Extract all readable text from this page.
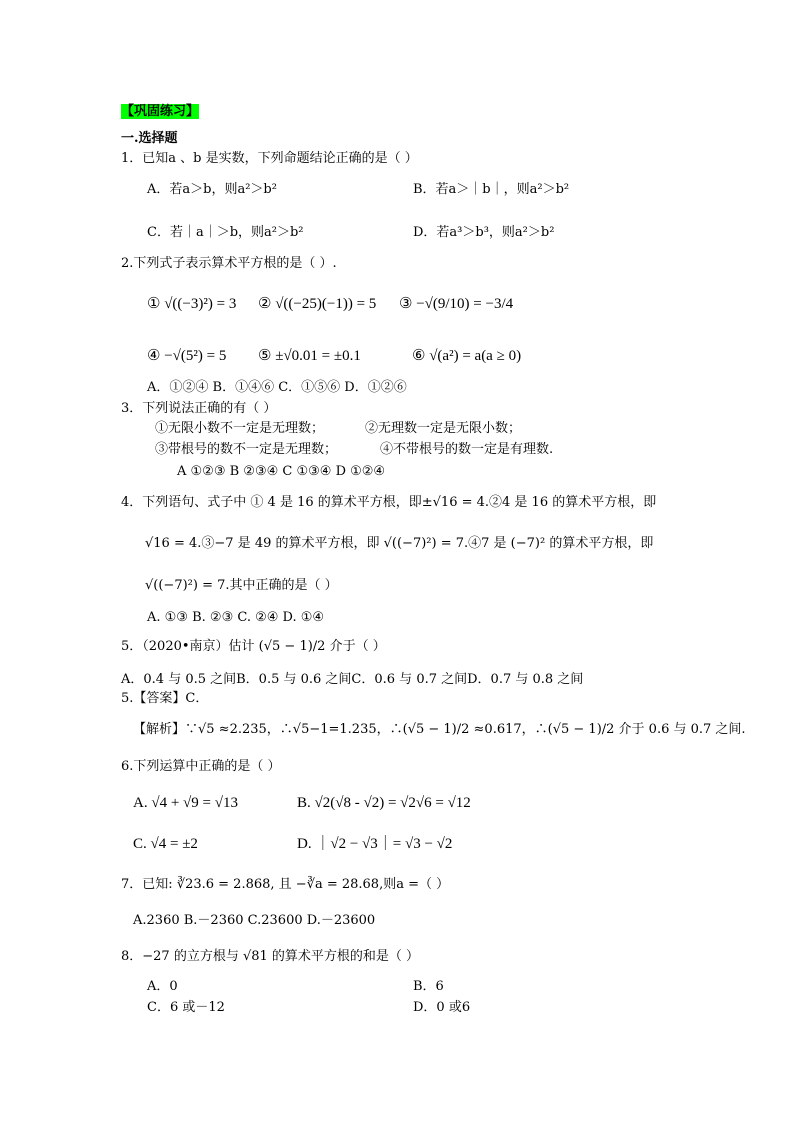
【巩固练习】
一.选择题
1．已知a 、b 是实数，下列命题结论正确的是（ ）
A．若a＞b，则a²＞b²	B．若a＞｜b｜，则a²＞b²
C．若｜a｜＞b，则a²＞b²	D．若a³＞b³，则a²＞b²
2.下列式子表示算术平方根的是（ ）.
① √((−3)²) = 3 ② √((−25)(−1)) = 5 ③ −√(9/10) = −3/4
④ −√(5²) = 5 ⑤ ±√0.01 = ±0.1	⑥ √(a²) = a(a ≥ 0)
A．①②④ B．①④⑥ C．①⑤⑥ D．①②⑥
3．下列说法正确的有（ ）
①无限小数不一定是无理数；	②无理数一定是无限小数；
③带根号的数不一定是无理数；	④不带根号的数一定是有理数.
A ①②③ B ②③④ C ①③④ D ①②④
4．下列语句、式子中 ① 4 是 16 的算术平方根，即±√16 = 4.②4 是 16 的算术平方根，即
√16 = 4.③−7 是 49 的算术平方根，即 √((−7)²) = 7.④7 是 (−7)² 的算术平方根，即
√((−7)²) = 7.其中正确的是（ ）
A. ①③ B. ②③ C. ②④ D. ①④
5．（2020•南京）估计 (√5 − 1)/2 介于（ ）
A．0.4 与 0.5 之间B．0.5 与 0.6 之间C．0.6 与 0.7 之间D．0.7 与 0.8 之间
5.【答案】C．
【解析】∵√5 ≈2.235，∴√5−1=1.235，∴(√5 − 1)/2 ≈0.617，∴(√5 − 1)/2 介于 0.6 与 0.7 之间.
6.下列运算中正确的是（ ）
A. √4 + √9 = √13	B. √2(√8 - √2) = √2√6 = √12
C. √4 = ±2	D. ｜√2 − √3｜= √3 − √2
7．已知: ∛23.6 = 2.868, 且 −∛a = 28.68,则a =（ ）
A.2360 B.－2360 C.23600 D.－23600
8．−27 的立方根与 √81 的算术平方根的和是（ ）
A．0	B．6
C．6 或－12	D．0 或6
